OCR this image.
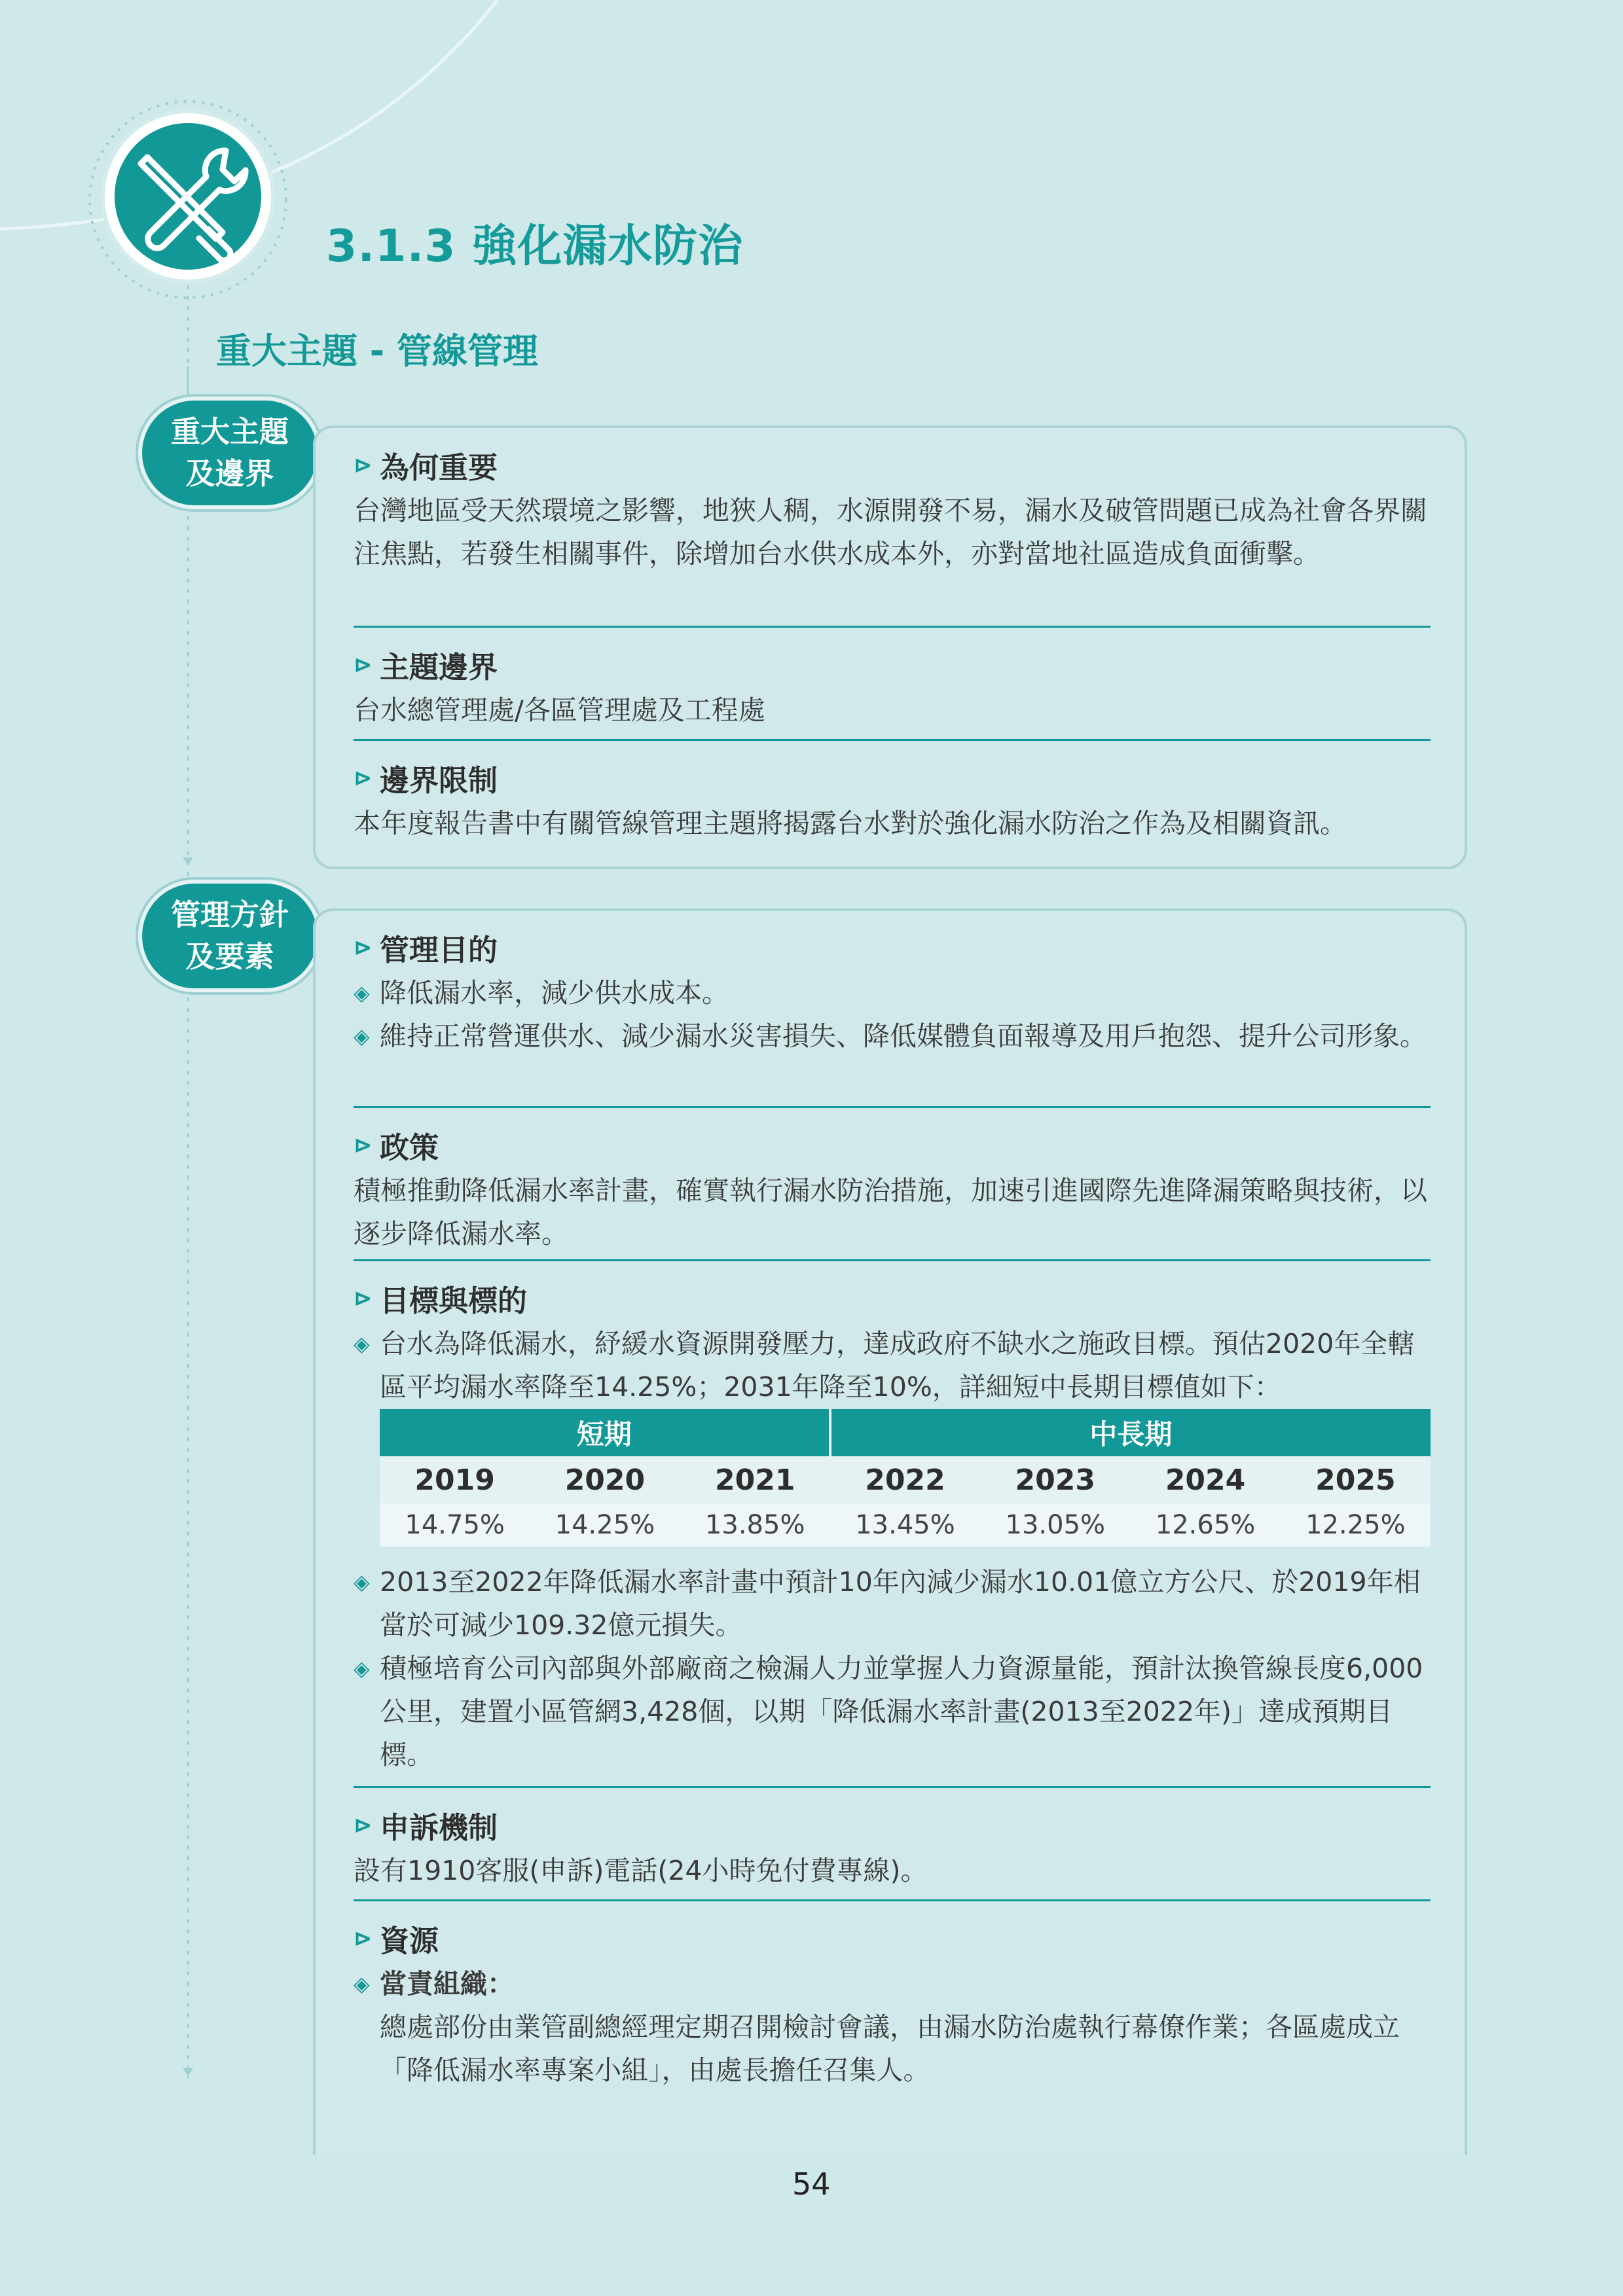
3.1.3 強化漏水防治
重大主題 - 管線管理
重大主題
及邊界	⊳ 為何重要
台灣地區受天然環境之影響，地狹人稠，水源開發不易，漏水及破管問題已成為社會各界關注焦點，若發生相關事件，除增加台水供水成本外，亦對當地社區造成負面衝擊。
⊳ 主題邊界
台水總管理處/各區管理處及工程處
⊳ 邊界限制
本年度報告書中有關管線管理主題將揭露台水對於強化漏水防治之作為及相關資訊。
管理方針
及要素	⊳ 管理目的
◈ 降低漏水率，減少供水成本。
◈ 維持正常營運供水、減少漏水災害損失、降低媒體負面報導及用戶抱怨、提升公司形象。
⊳ 政策
積極推動降低漏水率計畫，確實執行漏水防治措施，加速引進國際先進降漏策略與技術，以逐步降低漏水率。
⊳ 目標與標的
◈ 台水為降低漏水，紓緩水資源開發壓力，達成政府不缺水之施政目標。預估2020年全轄區平均漏水率降至14.25%；2031年降至10%，詳細短中長期目標值如下：
短期			中長期			
2019	2020	2021	2022	2023	2024	2025
14.75%	14.25%	13.85%	13.45%	13.05%	12.65%	12.25%
◈ 2013至2022年降低漏水率計畫中預計10年內減少漏水10.01億立方公尺、於2019年相當於可減少109.32億元損失。
◈ 積極培育公司內部與外部廠商之檢漏人力並掌握人力資源量能，預計汰換管線長度6,000公里，建置小區管網3,428個，以期「降低漏水率計畫(2013至2022年)」達成預期目標。
⊳ 申訴機制
設有1910客服(申訴)電話(24小時免付費專線)。
⊳ 資源
◈ 當責組織：
總處部份由業管副總經理定期召開檢討會議，由漏水防治處執行幕僚作業；各區處成立「降低漏水率專案小組」，由處長擔任召集人。
54
